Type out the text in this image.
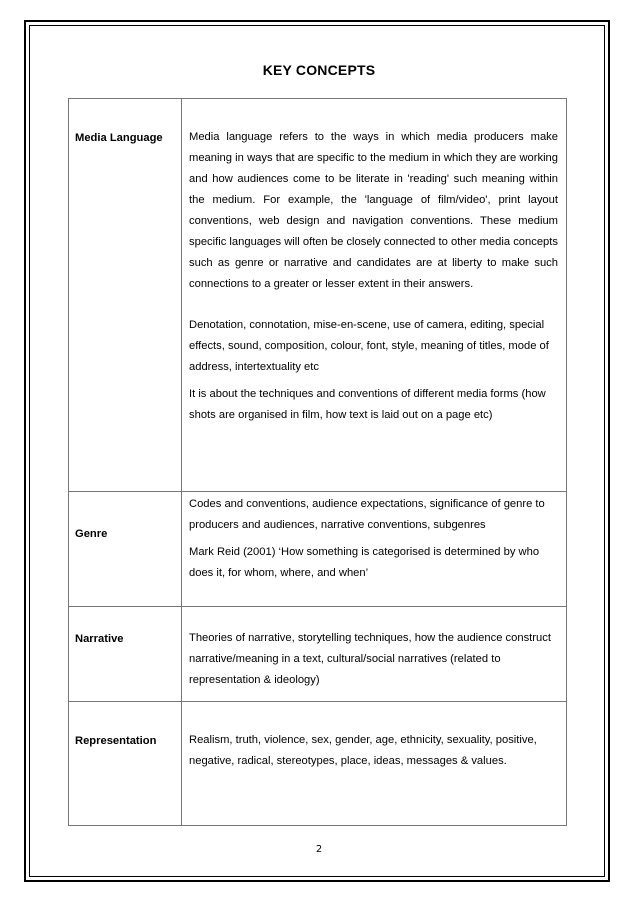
KEY CONCEPTS
Media Language	Media language refers to the ways in which media producers make meaning in ways that are specific to the medium in which they are working and how audiences come to be literate in 'reading' such meaning within the medium. For example, the 'language of film/video', print layout conventions, web design and navigation conventions. These medium specific languages will often be closely connected to other media concepts such as genre or narrative and candidates are at liberty to make such connections to a greater or lesser extent in their answers.

Denotation, connotation, mise-en-scene, use of camera, editing, special effects, sound, composition, colour, font, style, meaning of titles, mode of address, intertextuality etc

It is about the techniques and conventions of different media forms (how shots are organised in film, how text is laid out on a page etc)

Genre	Codes and conventions, audience expectations, significance of genre to producers and audiences, narrative conventions, subgenres

Mark Reid (2001) ‘How something is categorised is determined by who does it, for whom, where, and when’

Narrative	Theories of narrative, storytelling techniques, how the audience construct narrative/meaning in a text, cultural/social narratives (related to representation & ideology)

Representation	Realism, truth, violence, sex, gender, age, ethnicity, sexuality, positive, negative, radical, stereotypes, place, ideas, messages & values.

2
